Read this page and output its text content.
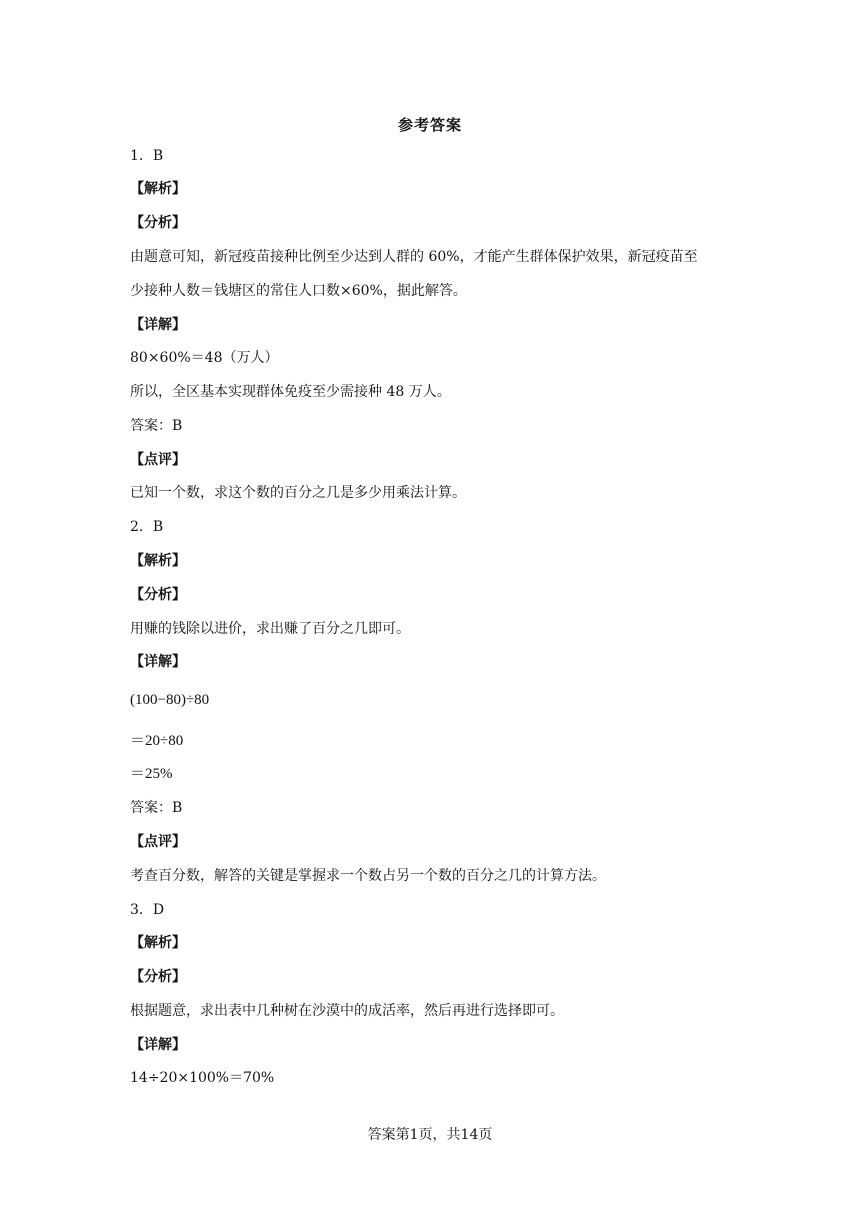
参考答案
1．B
【解析】
【分析】
由题意可知，新冠疫苗接种比例至少达到人群的 60%，才能产生群体保护效果，新冠疫苗至
少接种人数＝钱塘区的常住人口数×60%，据此解答。
【详解】
80×60%＝48（万人）
所以，全区基本实现群体免疫至少需接种 48 万人。
答案：B
【点评】
已知一个数，求这个数的百分之几是多少用乘法计算。
2．B
【解析】
【分析】
用赚的钱除以进价，求出赚了百分之几即可。
【详解】
(100−80)÷80
＝20÷80
＝25%
答案：B
【点评】
考查百分数，解答的关键是掌握求一个数占另一个数的百分之几的计算方法。
3．D
【解析】
【分析】
根据题意，求出表中几种树在沙漠中的成活率，然后再进行选择即可。
【详解】
14÷20×100%＝70%
答案第1页，共14页
